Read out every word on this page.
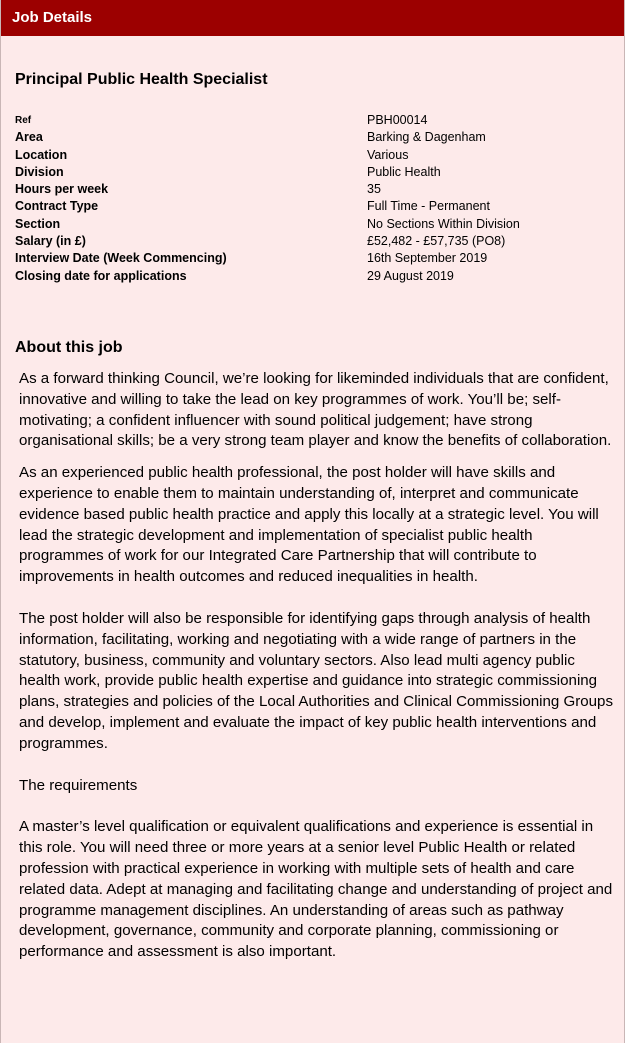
Job Details
Principal Public Health Specialist
Ref	PBH00014
Area	Barking & Dagenham
Location	Various
Division	Public Health
Hours per week	35
Contract Type	Full Time - Permanent
Section	No Sections Within Division
Salary (in £)	£52,482 - £57,735 (PO8)
Interview Date (Week Commencing)	16th September 2019
Closing date for applications	29 August 2019
About this job

As a forward thinking Council, we’re looking for likeminded individuals that are confident, innovative and willing to take the lead on key programmes of work. You’ll be; self-motivating; a confident influencer with sound political judgement; have strong organisational skills; be a very strong team player and know the benefits of collaboration.

As an experienced public health professional, the post holder will have skills and experience to enable them to maintain understanding of, interpret and communicate evidence based public health practice and apply this locally at a strategic level. You will lead the strategic development and implementation of specialist public health programmes of work for our Integrated Care Partnership that will contribute to improvements in health outcomes and reduced inequalities in health.

The post holder will also be responsible for identifying gaps through analysis of health information, facilitating, working and negotiating with a wide range of partners in the statutory, business, community and voluntary sectors. Also lead multi agency public health work, provide public health expertise and guidance into strategic commissioning plans, strategies and policies of the Local Authorities and Clinical Commissioning Groups and develop, implement and evaluate the impact of key public health interventions and programmes.

The requirements

A master’s level qualification or equivalent qualifications and experience is essential in this role. You will need three or more years at a senior level Public Health or related profession with practical experience in working with multiple sets of health and care related data. Adept at managing and facilitating change and understanding of project and programme management disciplines. An understanding of areas such as pathway development, governance, community and corporate planning, commissioning or performance and assessment is also important.
